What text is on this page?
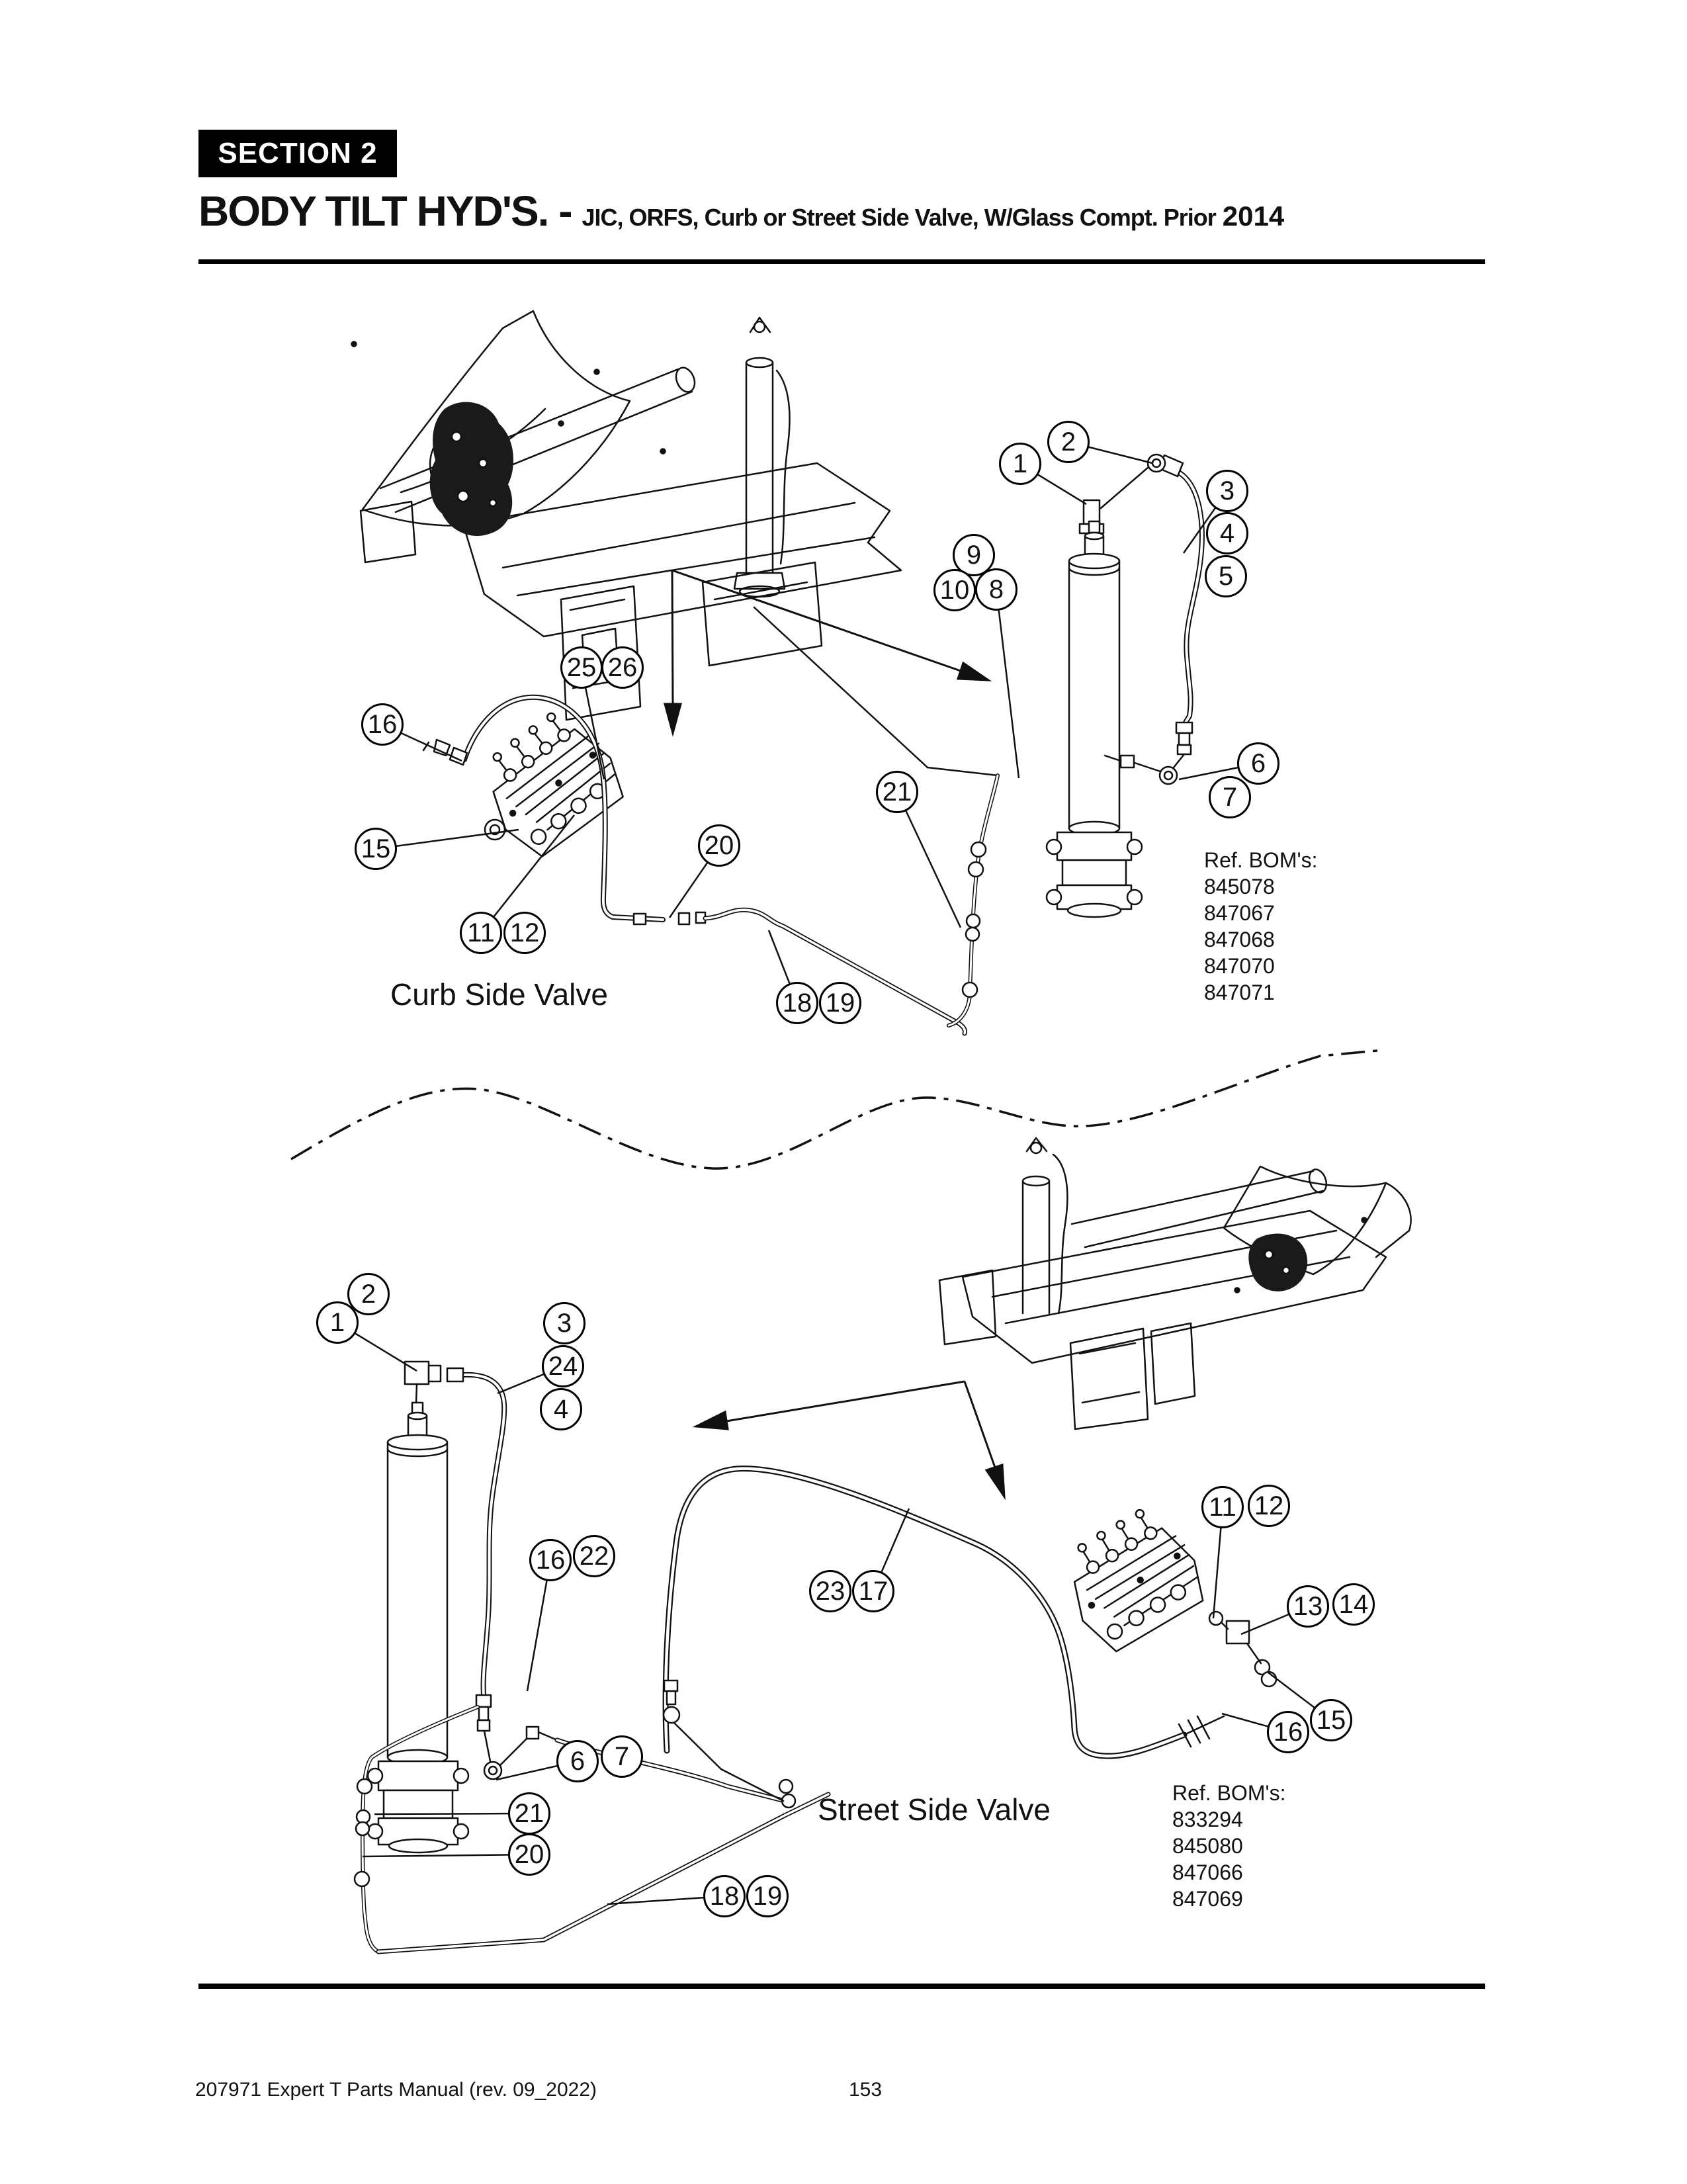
SECTION 2
BODY TILT HYD'S. - JIC, ORFS, Curb or Street Side Valve, W/Glass Compt. Prior 2014
1
2
3
4
5
9
10 8
6
7
21
25 26
16
15	20
11 12
18 19
Curb Side Valve
Ref. BOM's:
845078
847067
847068
847070
847071
1
2
3
24
4
16 22
6	7
21
20
18 19
23 17
11 12
13 14
16 15
Street Side Valve	Ref. BOM's:
833294
845080
847066
847069
207971 Expert T Parts Manual (rev. 09_2022)	153
